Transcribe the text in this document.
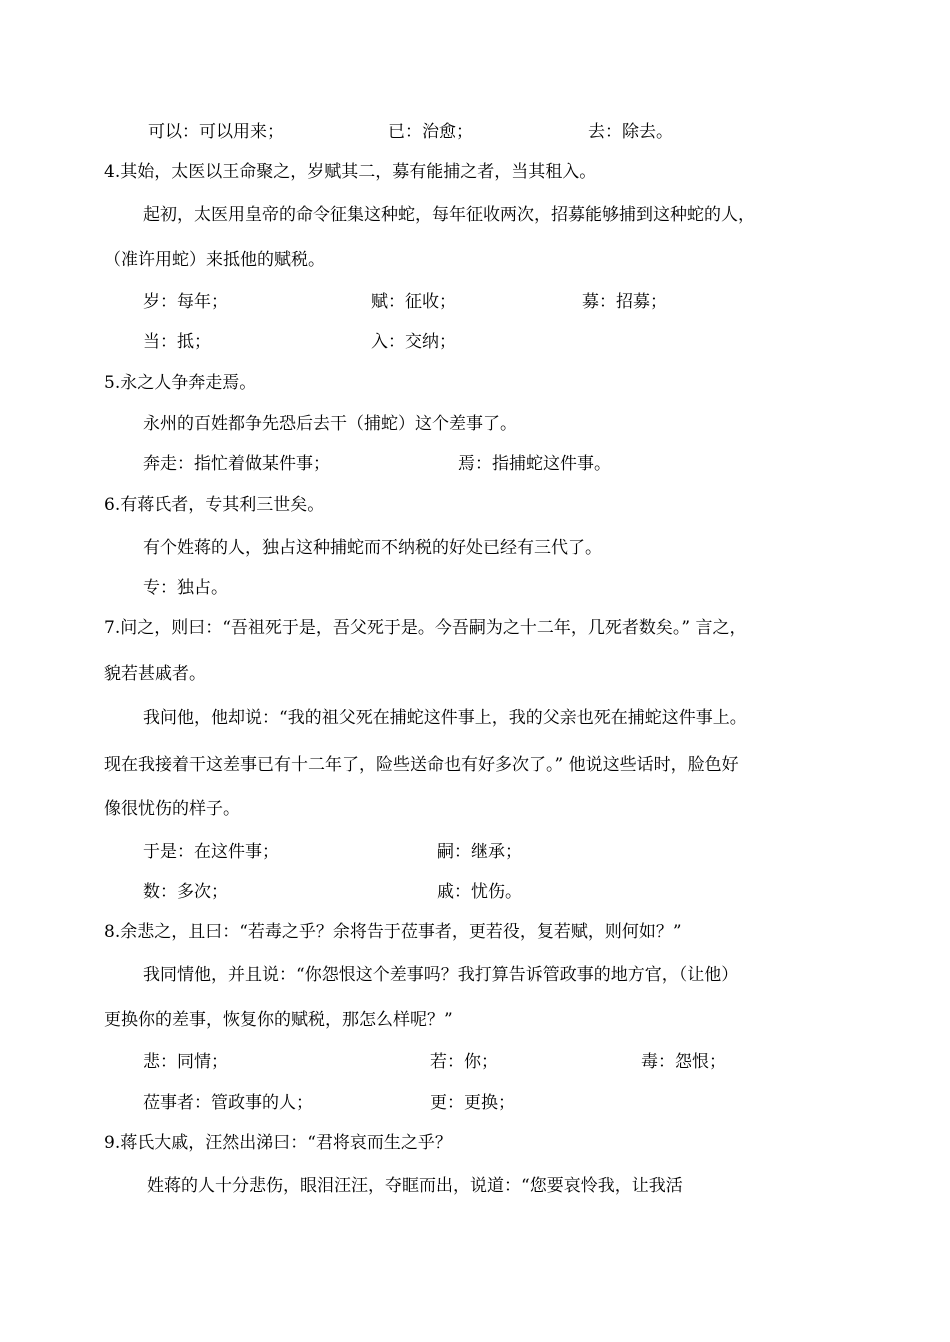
可以：可以用来；	已：治愈；	去：除去。
4.其始，太医以王命聚之，岁赋其二，募有能捕之者，当其租入。
起初，太医用皇帝的命令征集这种蛇，每年征收两次，招募能够捕到这种蛇的人，
（准许用蛇）来抵他的赋税。
岁：每年；	赋：征收；	募：招募；
当：抵；	入：交纳；
5.永之人争奔走焉。
永州的百姓都争先恐后去干（捕蛇）这个差事了。
奔走：指忙着做某件事；	焉：指捕蛇这件事。
6.有蒋氏者，专其利三世矣。
有个姓蒋的人，独占这种捕蛇而不纳税的好处已经有三代了。
专：独占。
7.问之，则曰：“吾祖死于是，吾父死于是。今吾嗣为之十二年，几死者数矣。” 言之，
貌若甚戚者。
我问他，他却说：“我的祖父死在捕蛇这件事上，我的父亲也死在捕蛇这件事上。
现在我接着干这差事已有十二年了，险些送命也有好多次了。” 他说这些话时，脸色好
像很忧伤的样子。
于是：在这件事；	嗣：继承；
数：多次；	戚：忧伤。
8.余悲之，且曰：“若毒之乎？余将告于莅事者，更若役，复若赋，则何如？”
我同情他，并且说：“你怨恨这个差事吗？我打算告诉管政事的地方官，（让他）
更换你的差事，恢复你的赋税，那怎么样呢？”
悲：同情；	若：你；	毒：怨恨；
莅事者：管政事的人；	更：更换；
9.蒋氏大戚，汪然出涕曰：“君将哀而生之乎？
姓蒋的人十分悲伤，眼泪汪汪，夺眶而出，说道：“您要哀怜我，让我活
